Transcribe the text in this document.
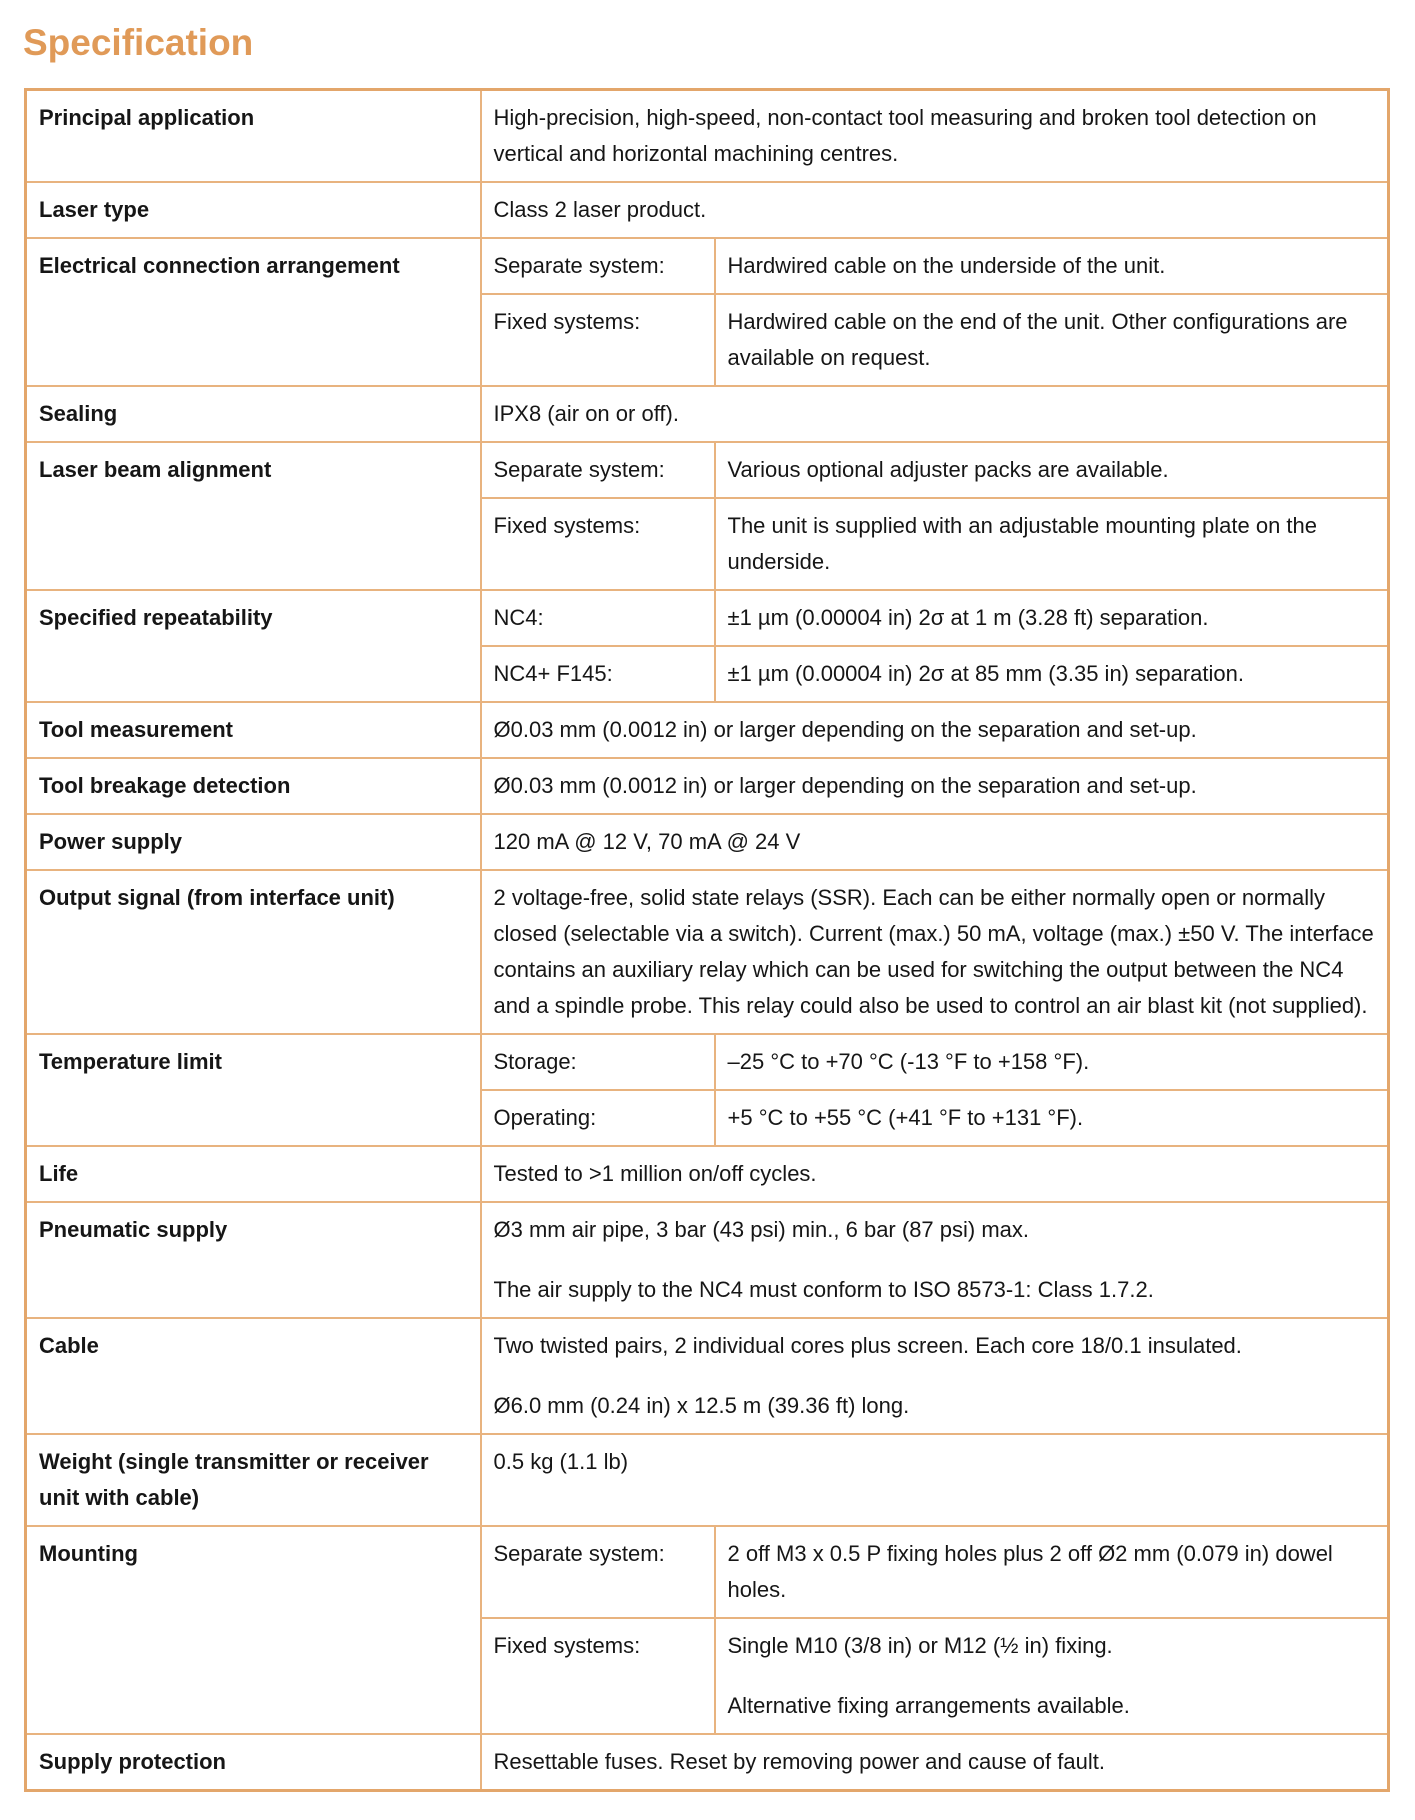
Specification
Principal application	High-precision, high-speed, non-contact tool measuring and broken tool detection on vertical and horizontal machining centres.	

Laser type	Class 2 laser product.	

Electrical connection arrangement	Separate system:	Hardwired cable on the underside of the unit.

	Fixed systems:	Hardwired cable on the end of the unit. Other configurations are available on request.

Sealing	IPX8 (air on or off).	

Laser beam alignment	Separate system:	Various optional adjuster packs are available.

	Fixed systems:	The unit is supplied with an adjustable mounting plate on the underside.

Specified repeatability	NC4:	±1 µm (0.00004 in) 2σ at 1 m (3.28 ft) separation.

	NC4+ F145:	±1 µm (0.00004 in) 2σ at 85 mm (3.35 in) separation.

Tool measurement	Ø0.03 mm (0.0012 in) or larger depending on the separation and set-up.	

Tool breakage detection	Ø0.03 mm (0.0012 in) or larger depending on the separation and set-up.	

Power supply	120 mA @ 12 V, 70 mA @ 24 V	

Output signal (from interface unit)	2 voltage-free, solid state relays (SSR). Each can be either normally open or normally closed (selectable via a switch). Current (max.) 50 mA, voltage (max.) ±50 V. The interface contains an auxiliary relay which can be used for switching the output between the NC4 and a spindle probe. This relay could also be used to control an air blast kit (not supplied).	

Temperature limit	Storage:	–25 °C to +70 °C (-13 °F to +158 °F).

	Operating:	+5 °C to +55 °C (+41 °F to +131 °F).

Life	Tested to >1 million on/off cycles.	

Pneumatic supply	Ø3 mm air pipe, 3 bar (43 psi) min., 6 bar (87 psi) max.

The air supply to the NC4 must conform to ISO 8573-1: Class 1.7.2.	

Cable	Two twisted pairs, 2 individual cores plus screen. Each core 18/0.1 insulated.

Ø6.0 mm (0.24 in) x 12.5 m (39.36 ft) long.	

Weight (single transmitter or receiver unit with cable)	0.5 kg (1.1 lb)	

Mounting	Separate system:	2 off M3 x 0.5 P fixing holes plus 2 off Ø2 mm (0.079 in) dowel holes.

	Fixed systems:	Single M10 (3/8 in) or M12 (½ in) fixing.

Alternative fixing arrangements available.

Supply protection	Resettable fuses. Reset by removing power and cause of fault.	
